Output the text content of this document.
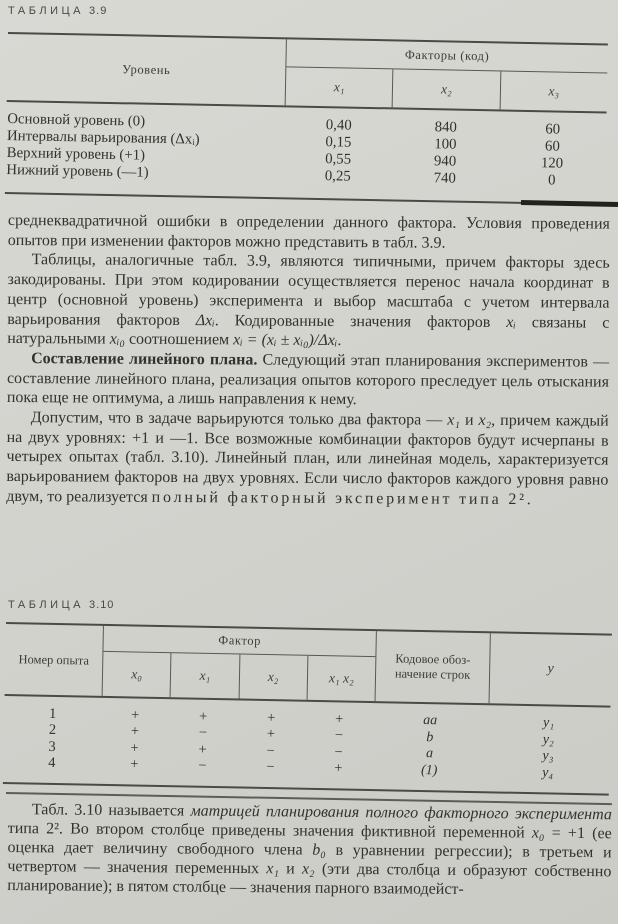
ТАБЛИЦА 3.9
Уровень
Факторы (код)
x₁	x₂	x₃
Основной уровень (0)	0,40	840	60
Интервалы варьирования (Δxᵢ)	0,15	100	60
Верхний уровень (+1)	0,55	940	120
Нижний уровень (—1)	0,25	740	0

среднеквадратичной ошибки в определении данного фактора. Условия проведения опытов при изменении факторов можно представить в табл. 3.9.

Таблицы, аналогичные табл. 3.9, являются типичными, причем факторы здесь закодированы. При этом кодировании осуществляется перенос начала координат в центр (основной уровень) эксперимента и выбор масштаба с учетом интервала варьирования факторов Δxᵢ. Кодированные значения факторов xᵢ связаны с натуральными xᵢ₀ соотношением xᵢ = (xᵢ ± xᵢ₀)/Δxᵢ.

Составление линейного плана. Следующий этап планирования экспериментов — составление линейного плана, реализация опытов которого преследует цель отыскания пока еще не оптимума, а лишь направления к нему.

Допустим, что в задаче варьируются только два фактора — x₁ и x₂, причем каждый на двух уровнях: +1 и —1. Все возможные комбинации факторов будут исчерпаны в четырех опытах (табл. 3.10). Линейный план, или линейная модель, характеризуется варьированием факторов на двух уровнях. Если число факторов каждого уровня равно двум, то реализуется полный факторный эксперимент типа 2².

ТАБЛИЦА 3.10
Номер опыта
Фактор
x₀	x₁	x₂	x₁ x₂
Кодовое обоз-
начение строк	y
1	+	+	+	+	aa	y₁
2	+	−	+	−	b	y₂
3	+	+	−	−	a	y₃
4	+	−	−	+	(1)	y₄

Табл. 3.10 называется матрицей планирования полного факторного эксперимента типа 2². Во втором столбце приведены значения фиктивной переменной x₀ = +1 (ее оценка дает величину свободного члена b₀ в уравнении регрессии); в третьем и четвертом — значения переменных x₁ и x₂ (эти два столбца и образуют собственно планирование); в пятом столбце — значения парного взаимодейст-
